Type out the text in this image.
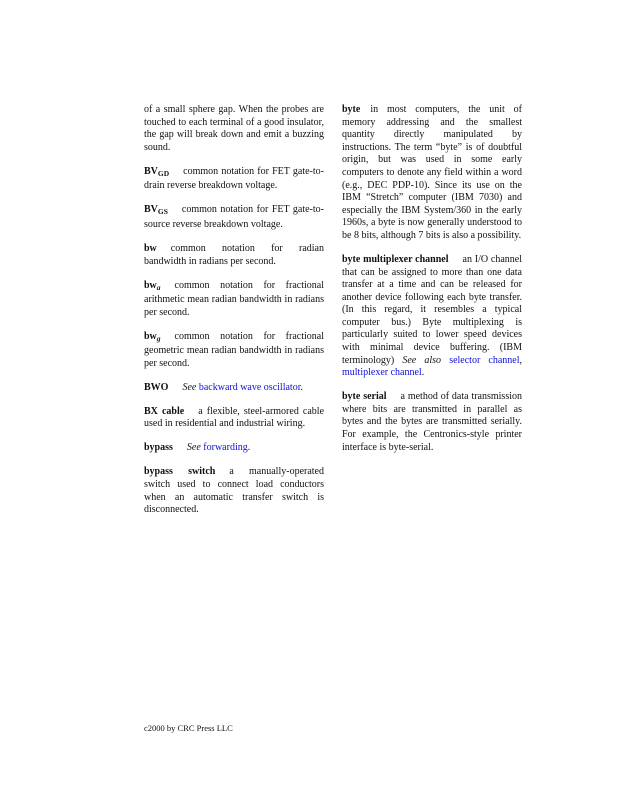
of a small sphere gap. When the probes are touched to each terminal of a good insulator, the gap will break down and emit a buzzing sound.

$BV_{GD}$ common notation for FET gate-to-drain reverse breakdown voltage.

$BV_{GS}$ common notation for FET gate-to-source reverse breakdown voltage.

bw common notation for radian bandwidth in radians per second.

$bw_a$ common notation for fractional arithmetic mean radian bandwidth in radians per second.

$bw_g$ common notation for fractional geometric mean radian bandwidth in radians per second.

BWO See backward wave oscillator.

BX cable a flexible, steel-armored cable used in residential and industrial wiring.

bypass See forwarding.

bypass switch a manually-operated switch used to connect load conductors when an automatic transfer switch is disconnected.

byte in most computers, the unit of memory addressing and the smallest quantity directly manipulated by instructions. The term “byte” is of doubtful origin, but was used in some early computers to denote any field within a word (e.g., DEC PDP-10). Since its use on the IBM “Stretch” computer (IBM 7030) and especially the IBM System/360 in the early 1960s, a byte is now generally understood to be 8 bits, although 7 bits is also a possibility.

byte multiplexer channel an I/O channel that can be assigned to more than one data transfer at a time and can be released for another device following each byte transfer. (In this regard, it resembles a typical computer bus.) Byte multiplexing is particularly suited to lower speed devices with minimal device buffering. (IBM terminology) See also selector channel, multiplexer channel.

byte serial a method of data transmission where bits are transmitted in parallel as bytes and the bytes are transmitted serially. For example, the Centronics-style printer interface is byte-serial.

c2000 by CRC Press LLC
